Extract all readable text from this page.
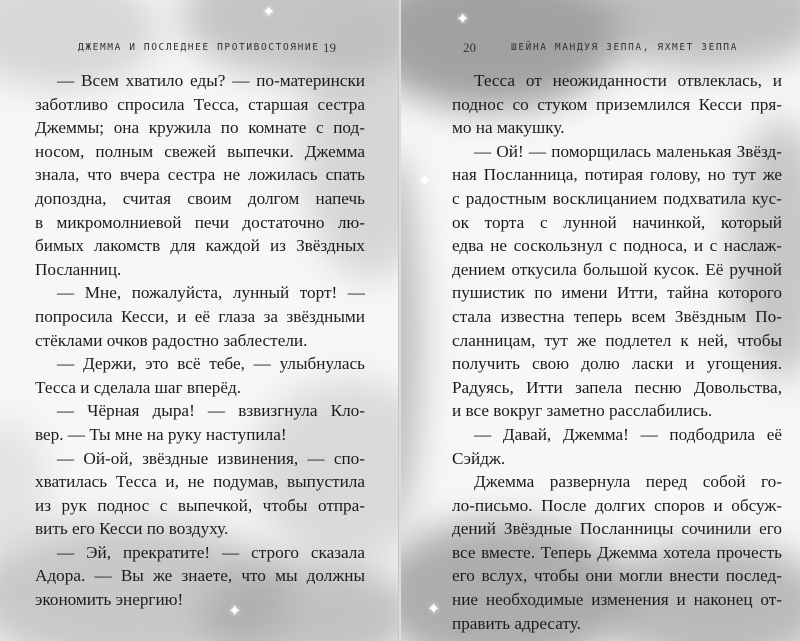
✦
✦
ДЖЕММА И ПОСЛЕДНЕЕ ПРОТИВОСТОЯНИЕ 19
— Всем хватило еды? — по-матерински
заботливо спросила Тесса, старшая сестра
Джеммы; она кружила по комнате с под-
носом, полным свежей выпечки. Джемма
знала, что вчера сестра не ложилась спать
допоздна, считая своим долгом напечь
в микромолниевой печи достаточно лю-
бимых лакомств для каждой из Звёздных
Посланниц.
— Мне, пожалуйста, лунный торт! —
попросила Кесси, и её глаза за звёздными
стёклами очков радостно заблестели.
— Держи, это всё тебе, — улыбнулась
Тесса и сделала шаг вперёд.
— Чёрная дыра! — взвизгнула Кло-
вер. — Ты мне на руку наступила!
— Ой-ой, звёздные извинения, — спо-
хватилась Тесса и, не подумав, выпустила
из рук поднос с выпечкой, чтобы отпра-
вить его Кесси по воздуху.
— Эй, прекратите! — строго сказала
Адора. — Вы же знаете, что мы должны
экономить энергию!
✦
✦
✦
20	ШЕЙНА МАНДУЯ ЗЕППА, ЯХМЕТ ЗЕППА
Тесса от неожиданности отвлеклась, и
поднос со стуком приземлился Кесси пря-
мо на макушку.
— Ой! — поморщилась маленькая Звёзд-
ная Посланница, потирая голову, но тут же
с радостным восклицанием подхватила кус-
ок торта с лунной начинкой, который
едва не соскользнул с подноса, и с наслаж-
дением откусила большой кусок. Её ручной
пушистик по имени Итти, тайна которого
стала известна теперь всем Звёздным По-
сланницам, тут же подлетел к ней, чтобы
получить свою долю ласки и угощения.
Радуясь, Итти запела песню Довольства,
и все вокруг заметно расслабились.
— Давай, Джемма! — подбодрила её
Сэйдж.
Джемма развернула перед собой го-
ло-письмо. После долгих споров и обсуж-
дений Звёздные Посланницы сочинили его
все вместе. Теперь Джемма хотела прочесть
его вслух, чтобы они могли внести послед-
ние необходимые изменения и наконец от-
править адресату.
